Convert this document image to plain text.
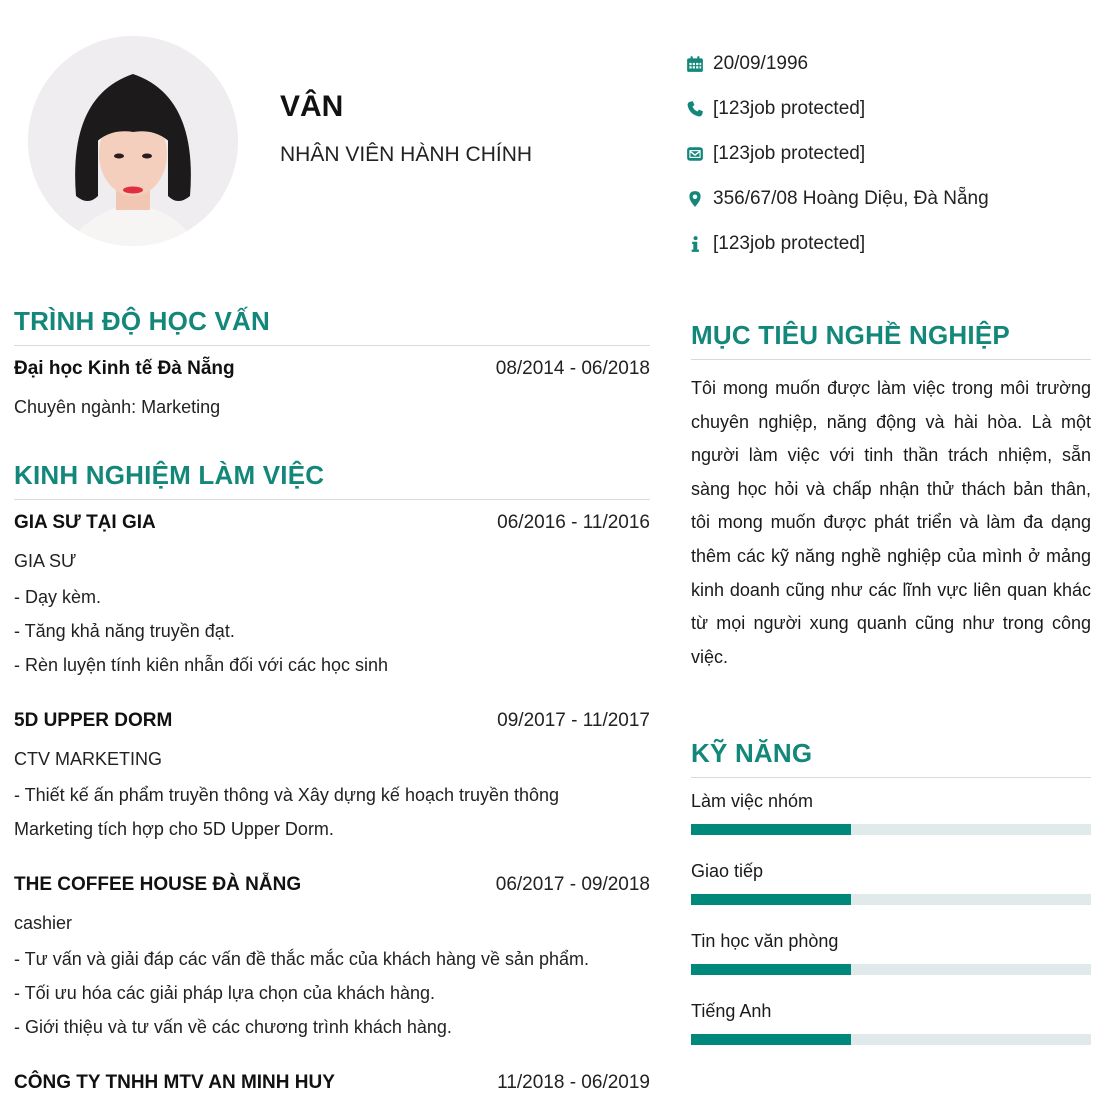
VÂN
NHÂN VIÊN HÀNH CHÍNH
20/09/1996
[123job protected]
[123job protected]
356/67/08 Hoàng Diệu, Đà Nẵng
[123job protected]
TRÌNH ĐỘ HỌC VẤN
Đại học Kinh tế Đà Nẵng	08/2014 - 06/2018
Chuyên ngành: Marketing
KINH NGHIỆM LÀM VIỆC
GIA SƯ TẠI GIA	06/2016 - 11/2016
GIA SƯ
- Dạy kèm.
- Tăng khả năng truyền đạt.
- Rèn luyện tính kiên nhẫn đối với các học sinh
5D UPPER DORM	09/2017 - 11/2017
CTV MARKETING
- Thiết kế ấn phẩm truyền thông và Xây dựng kế hoạch truyền thông
Marketing tích hợp cho 5D Upper Dorm.
THE COFFEE HOUSE ĐÀ NẴNG	06/2017 - 09/2018
cashier
- Tư vấn và giải đáp các vấn đề thắc mắc của khách hàng về sản phẩm.
- Tối ưu hóa các giải pháp lựa chọn của khách hàng.
- Giới thiệu và tư vấn về các chương trình khách hàng.
CÔNG TY TNHH MTV AN MINH HUY	11/2018 - 06/2019
MỤC TIÊU NGHỀ NGHIỆP
Tôi mong muốn được làm việc trong môi trường chuyên nghiệp, năng động và hài hòa. Là một người làm việc với tinh thần trách nhiệm, sẵn sàng học hỏi và chấp nhận thử thách bản thân, tôi mong muốn được phát triển và làm đa dạng thêm các kỹ năng nghề nghiệp của mình ở mảng kinh doanh cũng như các lĩnh vực liên quan khác từ mọi người xung quanh cũng như trong công việc.
KỸ NĂNG
Làm việc nhóm
Giao tiếp
Tin học văn phòng
Tiếng Anh
